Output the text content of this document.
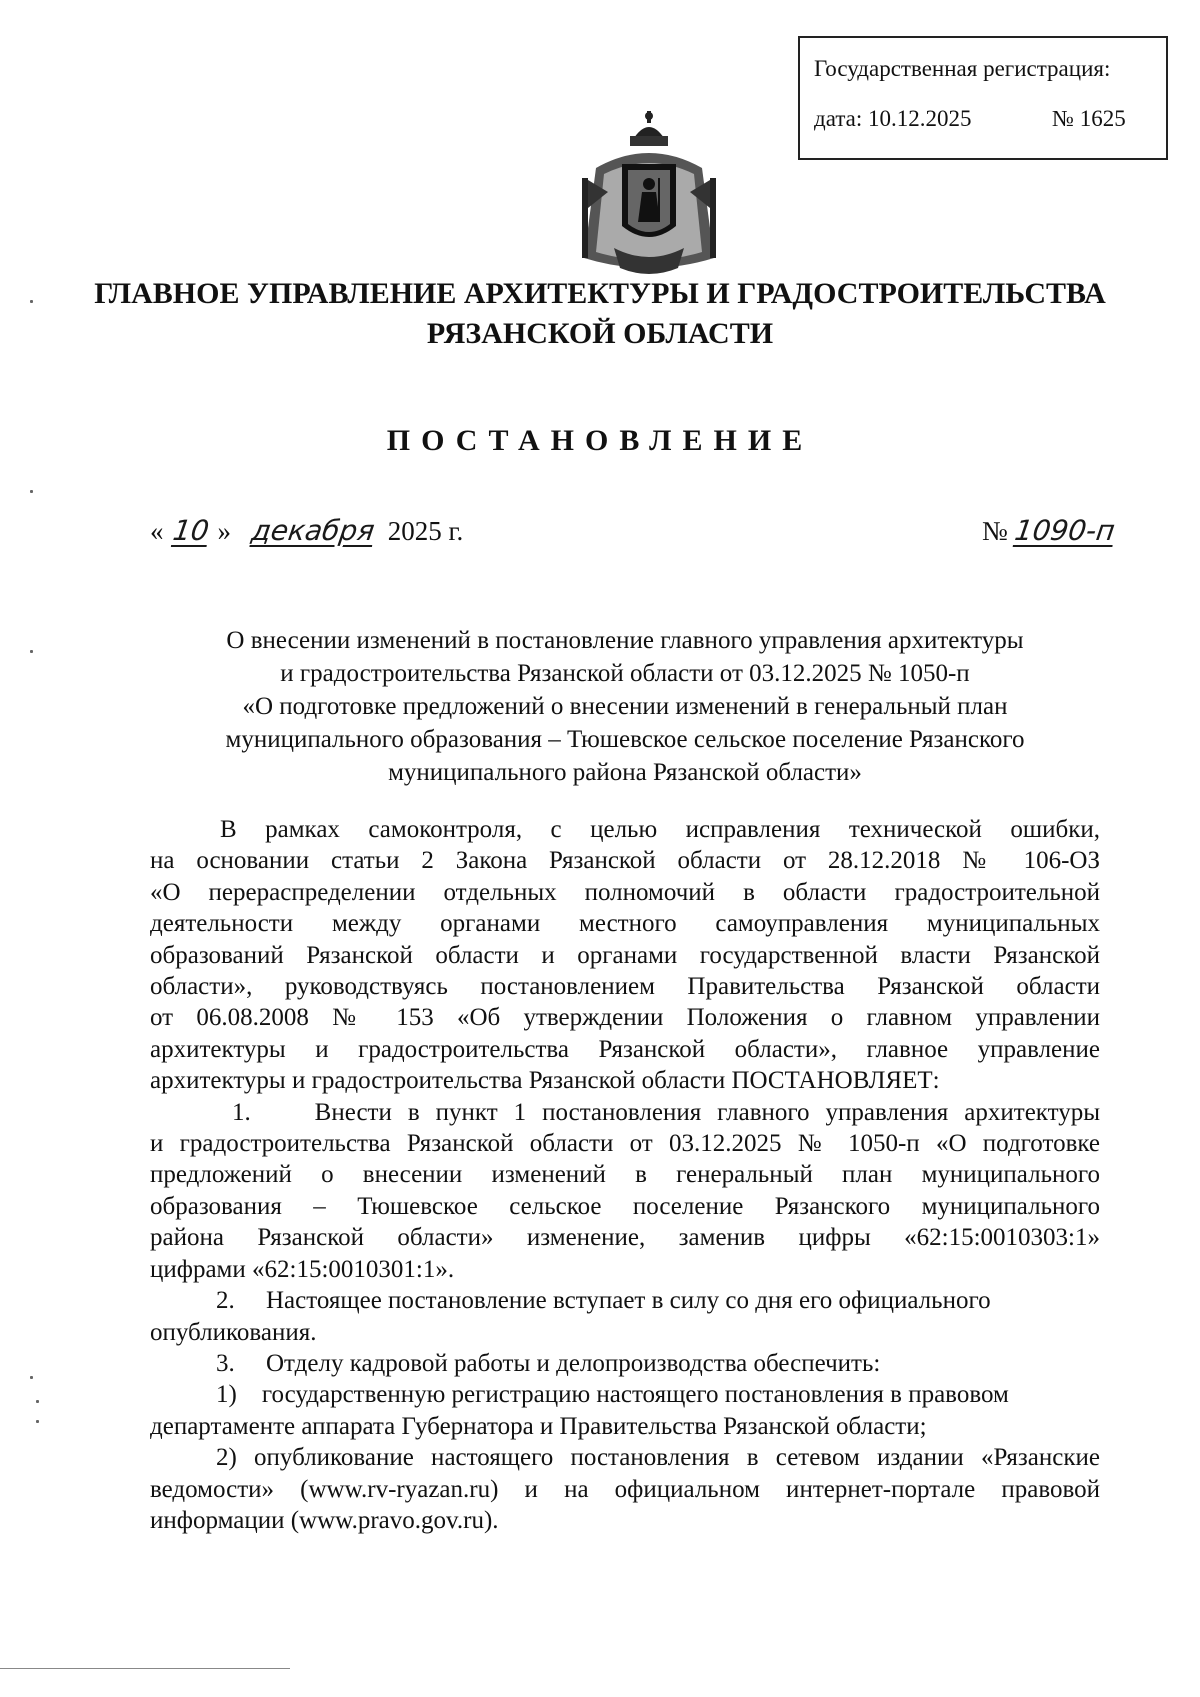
Государственная регистрация:
дата: 10.12.2025	№ 1625
ГЛАВНОЕ УПРАВЛЕНИЕ АРХИТЕКТУРЫ И ГРАДОСТРОИТЕЛЬСТВА
РЯЗАНСКОЙ ОБЛАСТИ
ПОСТАНОВЛЕНИЕ
« 10 » декабря 2025 г.	№ 1090-п
О внесении изменений в постановление главного управления архитектуры
и градостроительства Рязанской области от 03.12.2025 № 1050-п
«О подготовке предложений о внесении изменений в генеральный план
муниципального образования – Тюшевское сельское поселение Рязанского
муниципального района Рязанской области»
В рамках самоконтроля, с целью исправления технической ошибки,
на основании статьи 2 Закона Рязанской области от 28.12.2018 № 106-ОЗ
«О перераспределении отдельных полномочий в области градостроительной
деятельности между органами местного самоуправления муниципальных
образований Рязанской области и органами государственной власти Рязанской
области», руководствуясь постановлением Правительства Рязанской области
от 06.08.2008 № 153 «Об утверждении Положения о главном управлении
архитектуры и градостроительства Рязанской области», главное управление
архитектуры и градостроительства Рязанской области ПОСТАНОВЛЯЕТ:
1.    Внести в пункт 1 постановления главного управления архитектуры
и градостроительства Рязанской области от 03.12.2025 № 1050-п «О подготовке
предложений о внесении изменений в генеральный план муниципального
образования – Тюшевское сельское поселение Рязанского муниципального
района Рязанской области» изменение, заменив цифры «62:15:0010303:1»
цифрами «62:15:0010301:1».
2.     Настоящее постановление вступает в силу со дня его официального
опубликования.
3.     Отделу кадровой работы и делопроизводства обеспечить:
1)    государственную регистрацию настоящего постановления в правовом
департаменте аппарата Губернатора и Правительства Рязанской области;
2) опубликование настоящего постановления в сетевом издании «Рязанские
ведомости» (www.rv-ryazan.ru) и на официальном интернет-портале правовой
информации (www.pravo.gov.ru).
